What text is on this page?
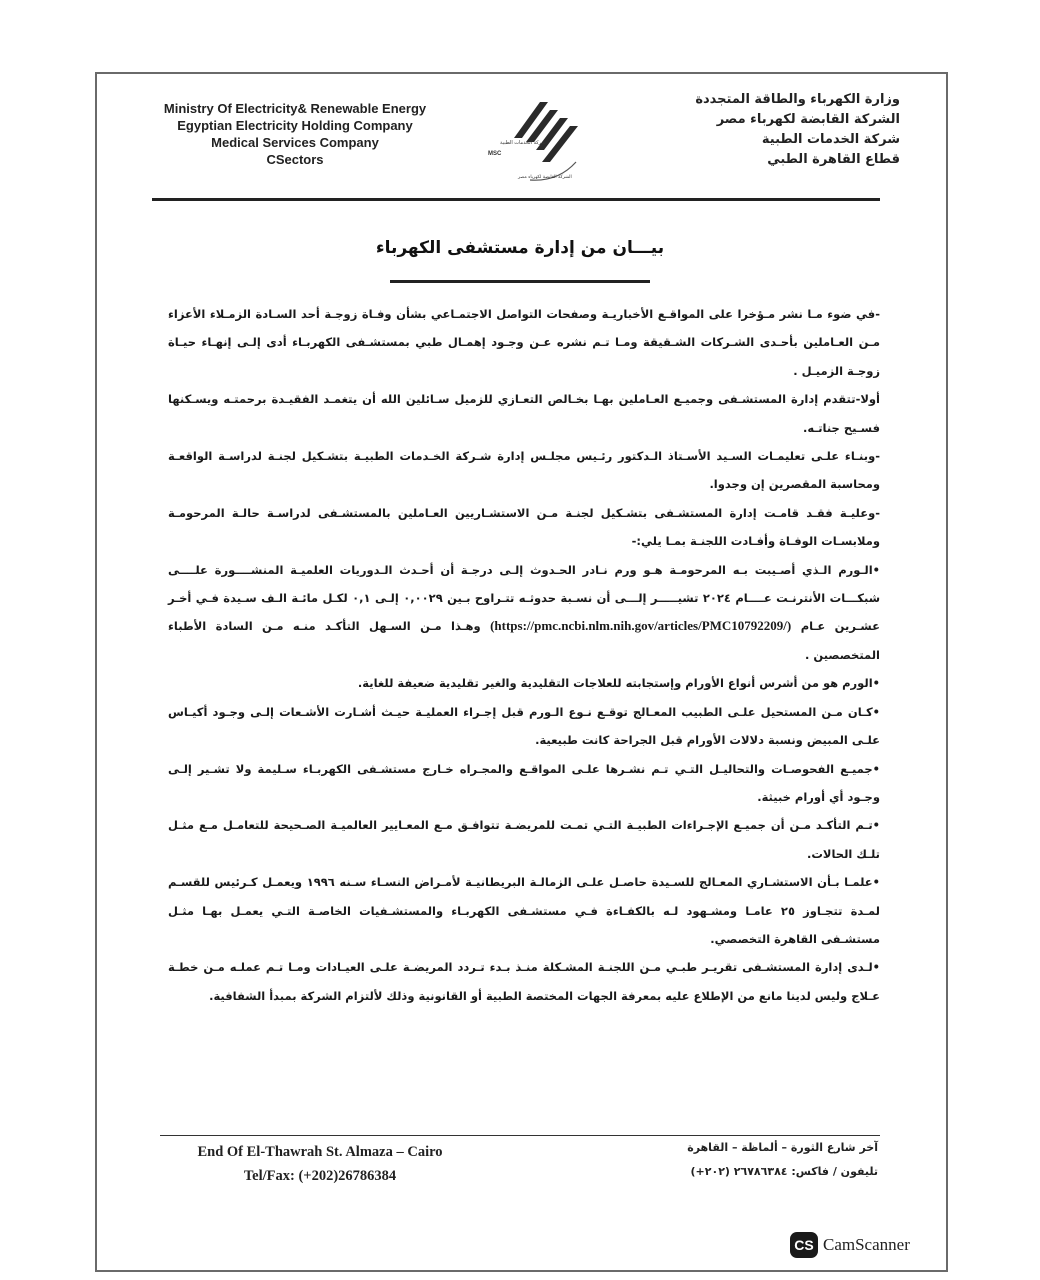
Ministry Of Electricity& Renewable Energy
Egyptian Electricity Holding Company
Medical Services Company
CSectors
شركة الخدمات الطبية
MSC
الشركة القابضة لكهرباء مصر
وزارة الكهرباء والطاقة المتجددة
الشركة القابضة لكهرباء مصر
شركة الخدمات الطبية
قطاع القاهرة الطبي
بيـــان من إدارة مستشفى الكهرباء

-في ضوء مـا نشر مـؤخرا على المواقـع الأخباريـة وصفحات التواصل الاجتمـاعي بشأن وفـاة زوجـة أحد السـادة الزمـلاء الأعزاء مـن العـاملين بأحـدى الشـركات الشـقيقة ومـا تـم نشره عـن وجـود إهمـال طبي بمستشـفى الكهربـاء أدى إلـى إنهـاء حيـاة زوجـة الزميـل .

أولا-تتقدم إدارة المستشـفى وجميـع العـاملين بهـا بخـالص التعـازي للزميل سـائلين الله أن يتغمـد الفقيـدة برحمتـه ويسـكنها فسـيح جناتـه.

-وبنـاء علـى تعليمـات السـيد الأسـتاذ الـدكتور رئـيس مجلـس إدارة شـركة الخـدمات الطبيـة بتشـكيل لجنـة لدراسـة الواقعـة ومحاسبة المقصرين إن وجدوا.

-وعليـة فقـد قامـت إدارة المستشـفى بتشـكيل لجنـة مـن الاستشـاريين العـاملين بالمستشـفى لدراسـة حالـة المرحومـة وملابسـات الوفـاة وأفـادت اللجنـة بمـا يلي:-

•الـورم الـذي أصـيبت بـه المرحومـة هـو ورم نـادر الحـدوث إلـى درجـة أن أحـدث الـدوريات العلميـة المنشــــورة علــــى شبكـــات الأنترنـت عــــام ٢٠٢٤ تشيـــــر إلـــى أن نسـبة حدوثـه تتـراوح بـين ٠,٠٠٢٩ إلـى ٠,١ لكـل مائـة الـف سـيدة فـي أخـر عشـرين عـام (https://pmc.ncbi.nlm.nih.gov/articles/PMC10792209/) وهـذا مـن السـهل التأكـد منـه مـن السادة الأطباء المتخصصين .

•الورم هو من أشرس أنواع الأورام وإستجابته للعلاجات التقليدية والغير تقليدية ضعيفة للغاية.

•كـان مـن المستحيل علـى الطبيب المعـالج توقـع نـوع الـورم قبل إجـراء العمليـة حيـث أشـارت الأشـعات إلـى وجـود أكيـاس علـى المبيض ونسبة دلالات الأورام قبل الجراحة كانت طبيعية.

•جميـع الفحوصـات والتحاليـل التـي تـم نشـرها علـى المواقـع والمجـراه خـارج مستشـفى الكهربـاء سـليمة ولا تشـير إلـى وجـود أي أورام خبيثة.

•تـم التأكـد مـن أن جميـع الإجـراءات الطبيـة التـي تمـت للمريضـة تتوافـق مـع المعـايير العالميـة الصـحيحة للتعامـل مـع مثـل تلـك الحالات.

•علمـا بـأن الاستشـاري المعـالج للسـيدة حاصـل علـى الزمالـة البريطانيـة لأمـراض النسـاء سـنه ١٩٩٦ ويعمـل كـرئيس للقسـم لمـدة تتجـاوز ٢٥ عامـا ومشـهود لـه بالكفـاءة فـي مستشـفى الكهربـاء والمستشـفيات الخاصـة التـي يعمـل بهـا مثـل مستشـفى القاهرة التخصصي.

•لـدى إدارة المستشـفى تقريـر طبـي مـن اللجنـة المشـكلة منـذ بـدء تـردد المريضـة علـى العيـادات ومـا تـم عملـه مـن خطـة عـلاج وليس لدينا مانع من الإطلاع عليه بمعرفة الجهات المختصة الطبية أو القانونية وذلك لألتزام الشركة بمبدأ الشفافية.

End Of El-Thawrah St. Almaza – Cairo
Tel/Fax: (+202)26786384
آخر شارع الثورة – ألماظة – القاهرة
تليفون / فاكس: ٢٦٧٨٦٣٨٤ (٢٠٢+)
CS CamScanner
